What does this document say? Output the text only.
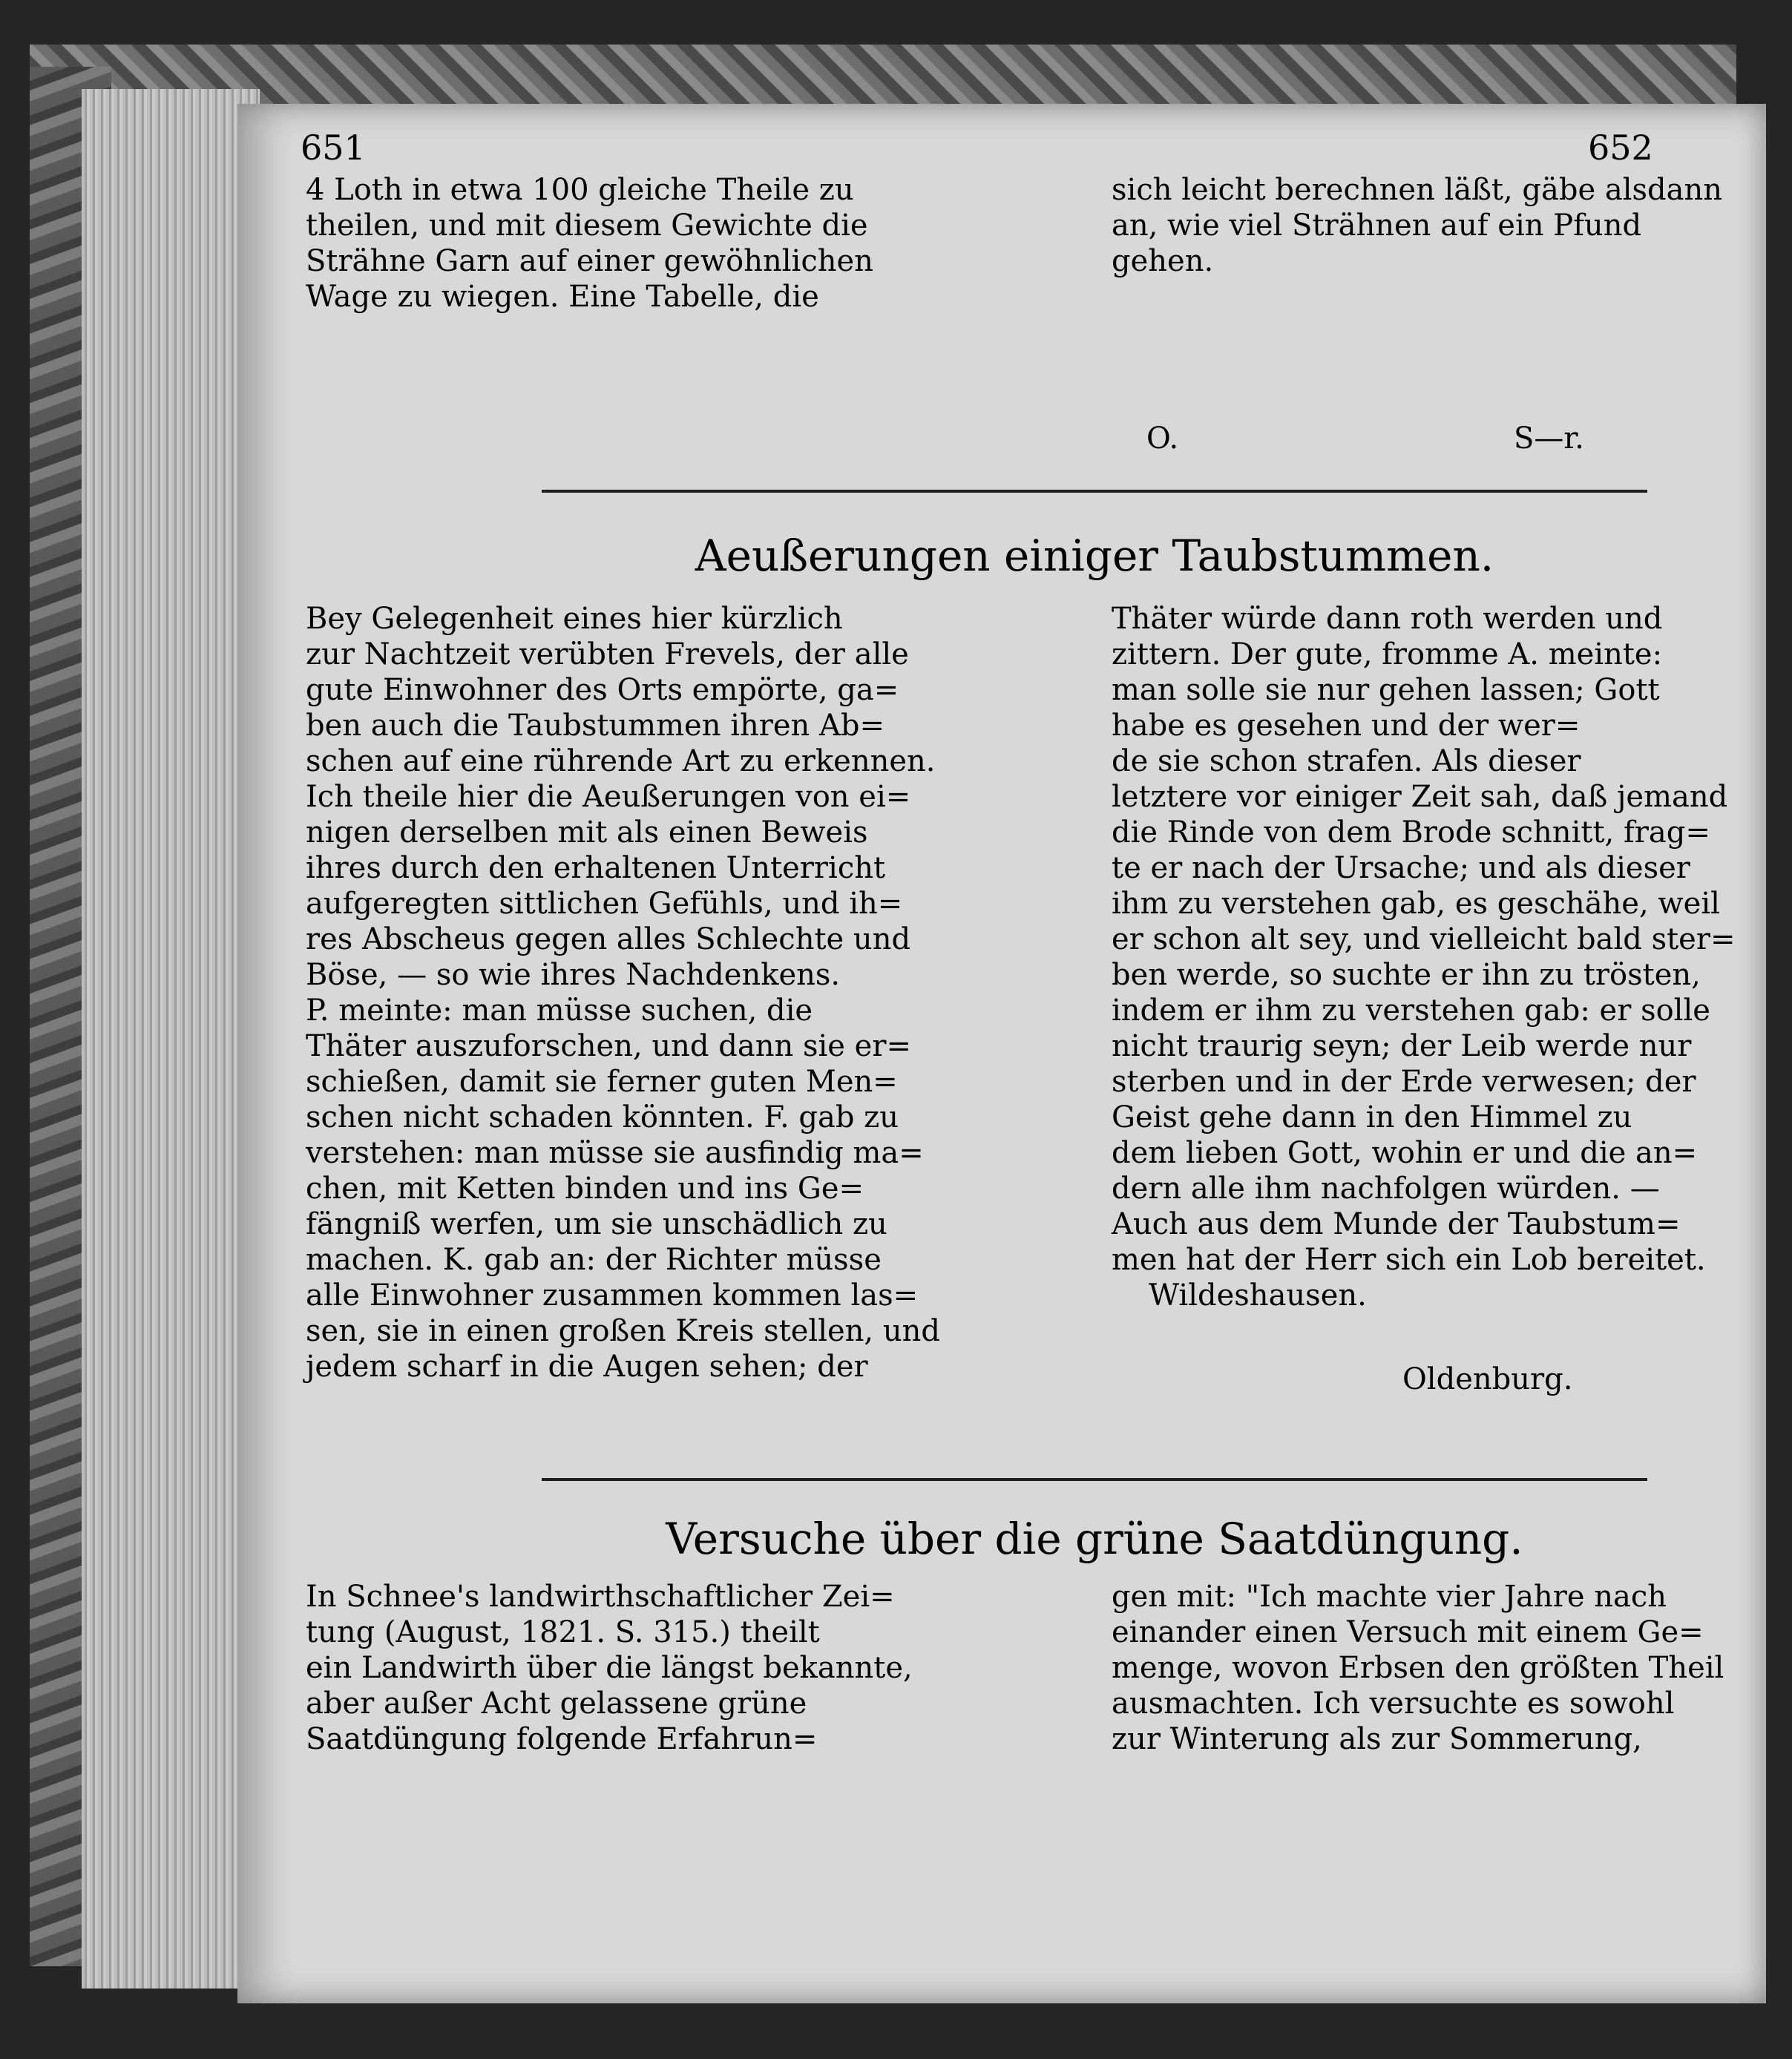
651	652
4 Loth in etwa 100 gleiche Theile zu
theilen, und mit diesem Gewichte die
Strähne Garn auf einer gewöhnlichen
Wage zu wiegen. Eine Tabelle, die
sich leicht berechnen läßt, gäbe alsdann
an, wie viel Strähnen auf ein Pfund
gehen.
O.	S—r.
Aeußerungen einiger Taubstummen.
Bey Gelegenheit eines hier kürzlich
zur Nachtzeit verübten Frevels, der alle
gute Einwohner des Orts empörte, ga=
ben auch die Taubstummen ihren Ab=
schen auf eine rührende Art zu erkennen.
Ich theile hier die Aeußerungen von ei=
nigen derselben mit als einen Beweis
ihres durch den erhaltenen Unterricht
aufgeregten sittlichen Gefühls, und ih=
res Abscheus gegen alles Schlechte und
Böse, — so wie ihres Nachdenkens.
P. meinte: man müsse suchen, die
Thäter auszuforschen, und dann sie er=
schießen, damit sie ferner guten Men=
schen nicht schaden könnten. F. gab zu
verstehen: man müsse sie ausfindig ma=
chen, mit Ketten binden und ins Ge=
fängniß werfen, um sie unschädlich zu
machen. K. gab an: der Richter müsse
alle Einwohner zusammen kommen las=
sen, sie in einen großen Kreis stellen, und
jedem scharf in die Augen sehen; der
Thäter würde dann roth werden und
zittern. Der gute, fromme A. meinte:
man solle sie nur gehen lassen; Gott
habe es gesehen und der wer=
de sie schon strafen. Als dieser
letztere vor einiger Zeit sah, daß jemand
die Rinde von dem Brode schnitt, frag=
te er nach der Ursache; und als dieser
ihm zu verstehen gab, es geschähe, weil
er schon alt sey, und vielleicht bald ster=
ben werde, so suchte er ihn zu trösten,
indem er ihm zu verstehen gab: er solle
nicht traurig seyn; der Leib werde nur
sterben und in der Erde verwesen; der
Geist gehe dann in den Himmel zu
dem lieben Gott, wohin er und die an=
dern alle ihm nachfolgen würden. —
Auch aus dem Munde der Taubstum=
men hat der Herr sich ein Lob bereitet.
Wildeshausen.
Oldenburg.
Versuche über die grüne Saatdüngung.
In Schnee's landwirthschaftlicher Zei=
tung (August, 1821. S. 315.) theilt
ein Landwirth über die längst bekannte,
aber außer Acht gelassene grüne
Saatdüngung folgende Erfahrun=
gen mit: "Ich machte vier Jahre nach
einander einen Versuch mit einem Ge=
menge, wovon Erbsen den größten Theil
ausmachten. Ich versuchte es sowohl
zur Winterung als zur Sommerung,
